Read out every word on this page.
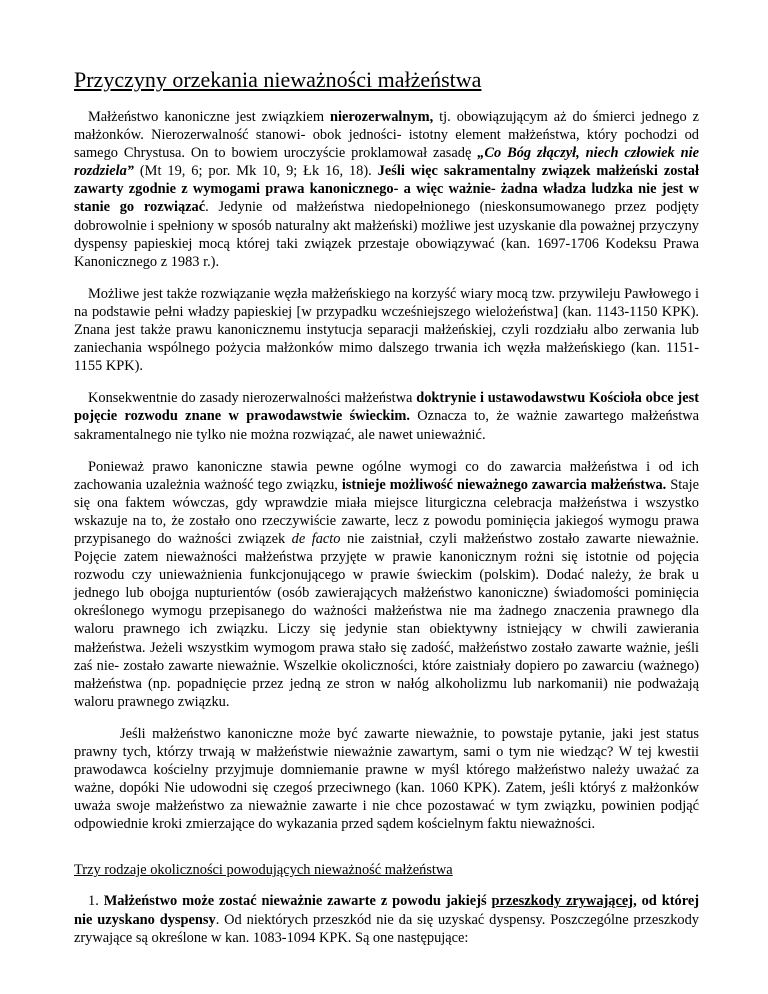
Przyczyny orzekania nieważności małżeństwa

Małżeństwo kanoniczne jest związkiem nierozerwalnym, tj. obowiązującym aż do śmierci jednego z małżonków. Nierozerwalność stanowi- obok jedności- istotny element małżeństwa, który pochodzi od samego Chrystusa. On to bowiem uroczyście proklamował zasadę „Co Bóg złączył, niech człowiek nie rozdziela” (Mt 19, 6; por. Mk 10, 9; Łk 16, 18). Jeśli więc sakramentalny związek małżeński został zawarty zgodnie z wymogami prawa kanonicznego- a więc ważnie- żadna władza ludzka nie jest w stanie go rozwiązać. Jedynie od małżeństwa niedopełnionego (nieskonsumowanego przez podjęty dobrowolnie i spełniony w sposób naturalny akt małżeński) możliwe jest uzyskanie dla poważnej przyczyny dyspensy papieskiej mocą której taki związek przestaje obowiązywać (kan. 1697-1706 Kodeksu Prawa Kanonicznego z 1983 r.).

Możliwe jest także rozwiązanie węzła małżeńskiego na korzyść wiary mocą tzw. przywileju Pawłowego i na podstawie pełni władzy papieskiej [w przypadku wcześniejszego wielożeństwa] (kan. 1143-1150 KPK). Znana jest także prawu kanonicznemu instytucja separacji małżeńskiej, czyli rozdziału albo zerwania lub zaniechania wspólnego pożycia małżonków mimo dalszego trwania ich węzła małżeńskiego (kan. 1151- 1155 KPK).

Konsekwentnie do zasady nierozerwalności małżeństwa doktrynie i ustawodawstwu Kościoła obce jest pojęcie rozwodu znane w prawodawstwie świeckim. Oznacza to, że ważnie zawartego małżeństwa sakramentalnego nie tylko nie można rozwiązać, ale nawet unieważnić.

Ponieważ prawo kanoniczne stawia pewne ogólne wymogi co do zawarcia małżeństwa i od ich zachowania uzależnia ważność tego związku, istnieje możliwość nieważnego zawarcia małżeństwa. Staje się ona faktem wówczas, gdy wprawdzie miała miejsce liturgiczna celebracja małżeństwa i wszystko wskazuje na to, że zostało ono rzeczywiście zawarte, lecz z powodu pominięcia jakiegoś wymogu prawa przypisanego do ważności związek de facto nie zaistniał, czyli małżeństwo zostało zawarte nieważnie. Pojęcie zatem nieważności małżeństwa przyjęte w prawie kanonicznym rożni się istotnie od pojęcia rozwodu czy unieważnienia funkcjonującego w prawie świeckim (polskim). Dodać należy, że brak u jednego lub obojga nupturientów (osób zawierających małżeństwo kanoniczne) świadomości pominięcia określonego wymogu przepisanego do ważności małżeństwa nie ma żadnego znaczenia prawnego dla waloru prawnego ich związku. Liczy się jedynie stan obiektywny istniejący w chwili zawierania małżeństwa. Jeżeli wszystkim wymogom prawa stało się zadość, małżeństwo zostało zawarte ważnie, jeśli zaś nie- zostało zawarte nieważnie. Wszelkie okoliczności, które zaistniały dopiero po zawarciu (ważnego) małżeństwa (np. popadnięcie przez jedną ze stron w nałóg alkoholizmu lub narkomanii) nie podważają waloru prawnego związku.

Jeśli małżeństwo kanoniczne może być zawarte nieważnie, to powstaje pytanie, jaki jest status prawny tych, którzy trwają w małżeństwie nieważnie zawartym, sami o tym nie wiedząc? W tej kwestii prawodawca kościelny przyjmuje domniemanie prawne w myśl którego małżeństwo należy uważać za ważne, dopóki Nie udowodni się czegoś przeciwnego (kan. 1060 KPK). Zatem, jeśli któryś z małżonków uważa swoje małżeństwo za nieważnie zawarte i nie chce pozostawać w tym związku, powinien podjąć odpowiednie kroki zmierzające do wykazania przed sądem kościelnym faktu nieważności.

Trzy rodzaje okoliczności powodujących nieważność małżeństwa

1. Małżeństwo może zostać nieważnie zawarte z powodu jakiejś przeszkody zrywającej, od której nie uzyskano dyspensy. Od niektórych przeszkód nie da się uzyskać dyspensy. Poszczególne przeszkody zrywające są określone w kan. 1083-1094 KPK. Są one następujące:
